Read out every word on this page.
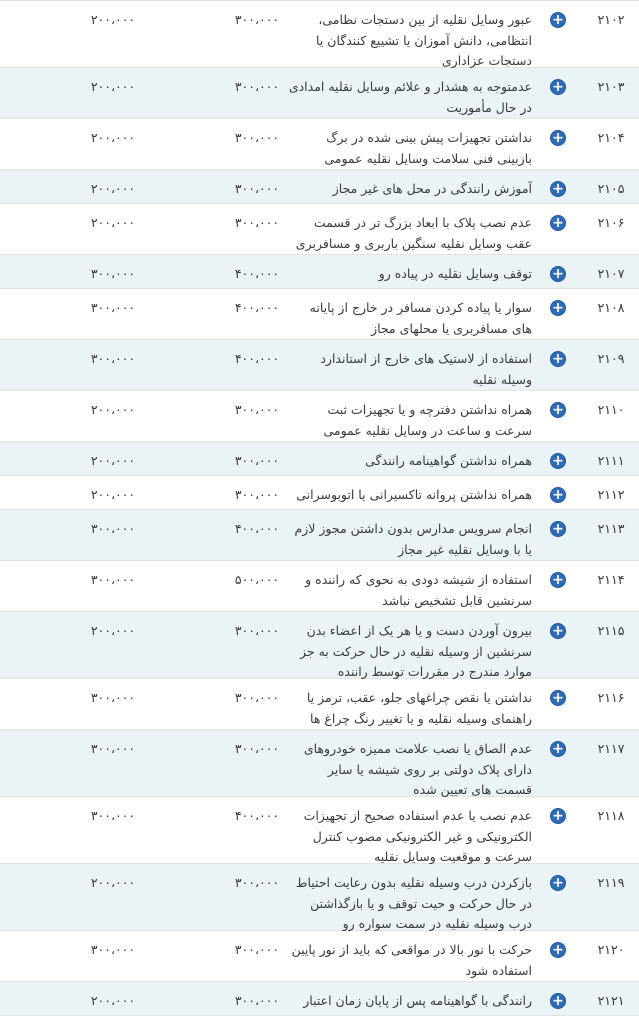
۲۱۰۲
+
عبور وسایل نقلیه از بین دستجات نظامی، انتظامی، دانش آموزان یا تشییع کنندگان یا دستجات عزاداری
۳۰۰،۰۰۰
۲۰۰،۰۰۰
۲۱۰۳
+
عدمتوجه به هشدار و علائم وسایل نقلیه امدادی در حال مأموریت
۳۰۰،۰۰۰
۲۰۰،۰۰۰
۲۱۰۴
+
نداشتن تجهیزات پیش بینی شده در برگ بازبینی فنی سلامت وسایل نقلیه عمومی
۳۰۰،۰۰۰
۲۰۰،۰۰۰
۲۱۰۵
+
آموزش رانندگی در محل های غیر مجاز
۳۰۰،۰۰۰
۲۰۰،۰۰۰
۲۱۰۶
+
عدم نصب پلاک با ابعاد بزرگ تر در قسمت عقب وسایل نقلیه سنگین باربری و مسافربری
۳۰۰،۰۰۰
۲۰۰،۰۰۰
۲۱۰۷
+
توقف وسایل نقلیه در پیاده رو
۴۰۰،۰۰۰
۳۰۰،۰۰۰
۲۱۰۸
+
سوار یا پیاده کردن مسافر در خارج از پایانه های مسافربری یا محلهای مجاز
۴۰۰،۰۰۰
۳۰۰،۰۰۰
۲۱۰۹
+
استفاده از لاستیک های خارج از استاندارد وسیله نقلیه
۴۰۰،۰۰۰
۳۰۰،۰۰۰
۲۱۱۰
+
همراه نداشتن دفترچه و یا تجهیزات ثبت سرعت و ساعت در وسایل نقلیه عمومی
۳۰۰،۰۰۰
۲۰۰،۰۰۰
۲۱۱۱
+
همراه نداشتن گواهینامه رانندگی
۳۰۰،۰۰۰
۲۰۰،۰۰۰
۲۱۱۲
+
همراه نداشتن پروانه تاکسیرانی یا اتوبوسرانی
۳۰۰،۰۰۰
۲۰۰،۰۰۰
۲۱۱۳
+
انجام سرویس مدارس بدون داشتن مجوز لازم یا با وسایل نقلیه غیر مجاز
۴۰۰،۰۰۰
۳۰۰،۰۰۰
۲۱۱۴
+
استفاده از شیشه دودی به نحوی که راننده و سرنشین قابل تشخیص نباشد
۵۰۰،۰۰۰
۳۰۰،۰۰۰
۲۱۱۵
+
بیرون آوردن دست و یا هر یک از اعضاء بدن سرنشین از وسیله نقلیه در حال حرکت به جز موارد مندرج در مقررات توسط راننده
۳۰۰،۰۰۰
۲۰۰،۰۰۰
۲۱۱۶
+
نداشتن یا نقص چراغهای جلو، عقب، ترمز یا راهنمای وسیله نقلیه و یا تغییر رنگ چراغ ها
۳۰۰،۰۰۰
۳۰۰،۰۰۰
۲۱۱۷
+
عدم الصاق یا نصب علامت ممیزه خودروهای دارای پلاک دولتی بر روی شیشه یا سایر قسمت های تعیین شده
۳۰۰،۰۰۰
۳۰۰،۰۰۰
۲۱۱۸
+
عدم نصب یا عدم استفاده صحیح از تجهیزات الکترونیکی و غیر الکترونیکی مصوب کنترل سرعت و موقعیت وسایل نقلیه
۴۰۰،۰۰۰
۳۰۰،۰۰۰
۲۱۱۹
+
بازکردن درب وسیله نقلیه بدون رعایت احتیاط در حال حرکت و حیت توقف و یا بازگذاشتن درب وسیله نقلیه در سمت سواره رو
۳۰۰،۰۰۰
۲۰۰،۰۰۰
۲۱۲۰
+
حرکت با نور بالا در مواقعی که باید از نور پایین استفاده شود
۳۰۰،۰۰۰
۳۰۰،۰۰۰
۲۱۲۱
+
رانندگی با گواهینامه پس از پایان زمان اعتبار
۳۰۰،۰۰۰
۲۰۰،۰۰۰
